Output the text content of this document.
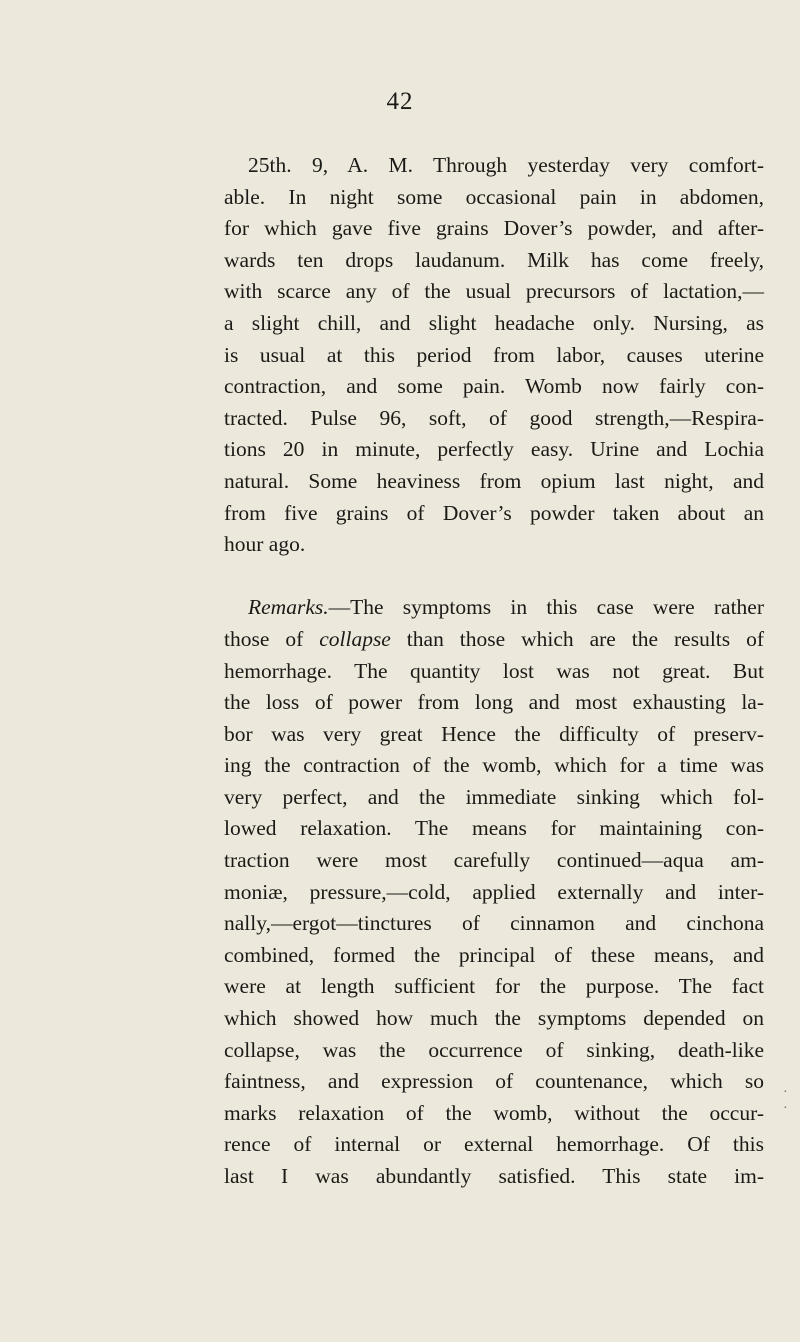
42
25th. 9, A. M. Through yesterday very comfort-
able. In night some occasional pain in abdomen,
for which gave five grains Dover’s powder, and after-
wards ten drops laudanum. Milk has come freely,
with scarce any of the usual precursors of lactation,—
a slight chill, and slight headache only. Nursing, as
is usual at this period from labor, causes uterine
contraction, and some pain. Womb now fairly con-
tracted. Pulse 96, soft, of good strength,—Respira-
tions 20 in minute, perfectly easy. Urine and Lochia
natural. Some heaviness from opium last night, and
from five grains of Dover’s powder taken about an
hour ago.
Remarks.—The symptoms in this case were rather
those of collapse than those which are the results of
hemorrhage. The quantity lost was not great. But
the loss of power from long and most exhausting la-
bor was very great Hence the difficulty of preserv-
ing the contraction of the womb, which for a time was
very perfect, and the immediate sinking which fol-
lowed relaxation. The means for maintaining con-
traction were most carefully continued—aqua am-
moniæ, pressure,—cold, applied externally and inter-
nally,—ergot—tinctures of cinnamon and cinchona
combined, formed the principal of these means, and
were at length sufficient for the purpose. The fact
which showed how much the symptoms depended on
collapse, was the occurrence of sinking, death-like
faintness, and expression of countenance, which so
marks relaxation of the womb, without the occur-
rence of internal or external hemorrhage. Of this
last I was abundantly satisfied. This state im-
· ·
